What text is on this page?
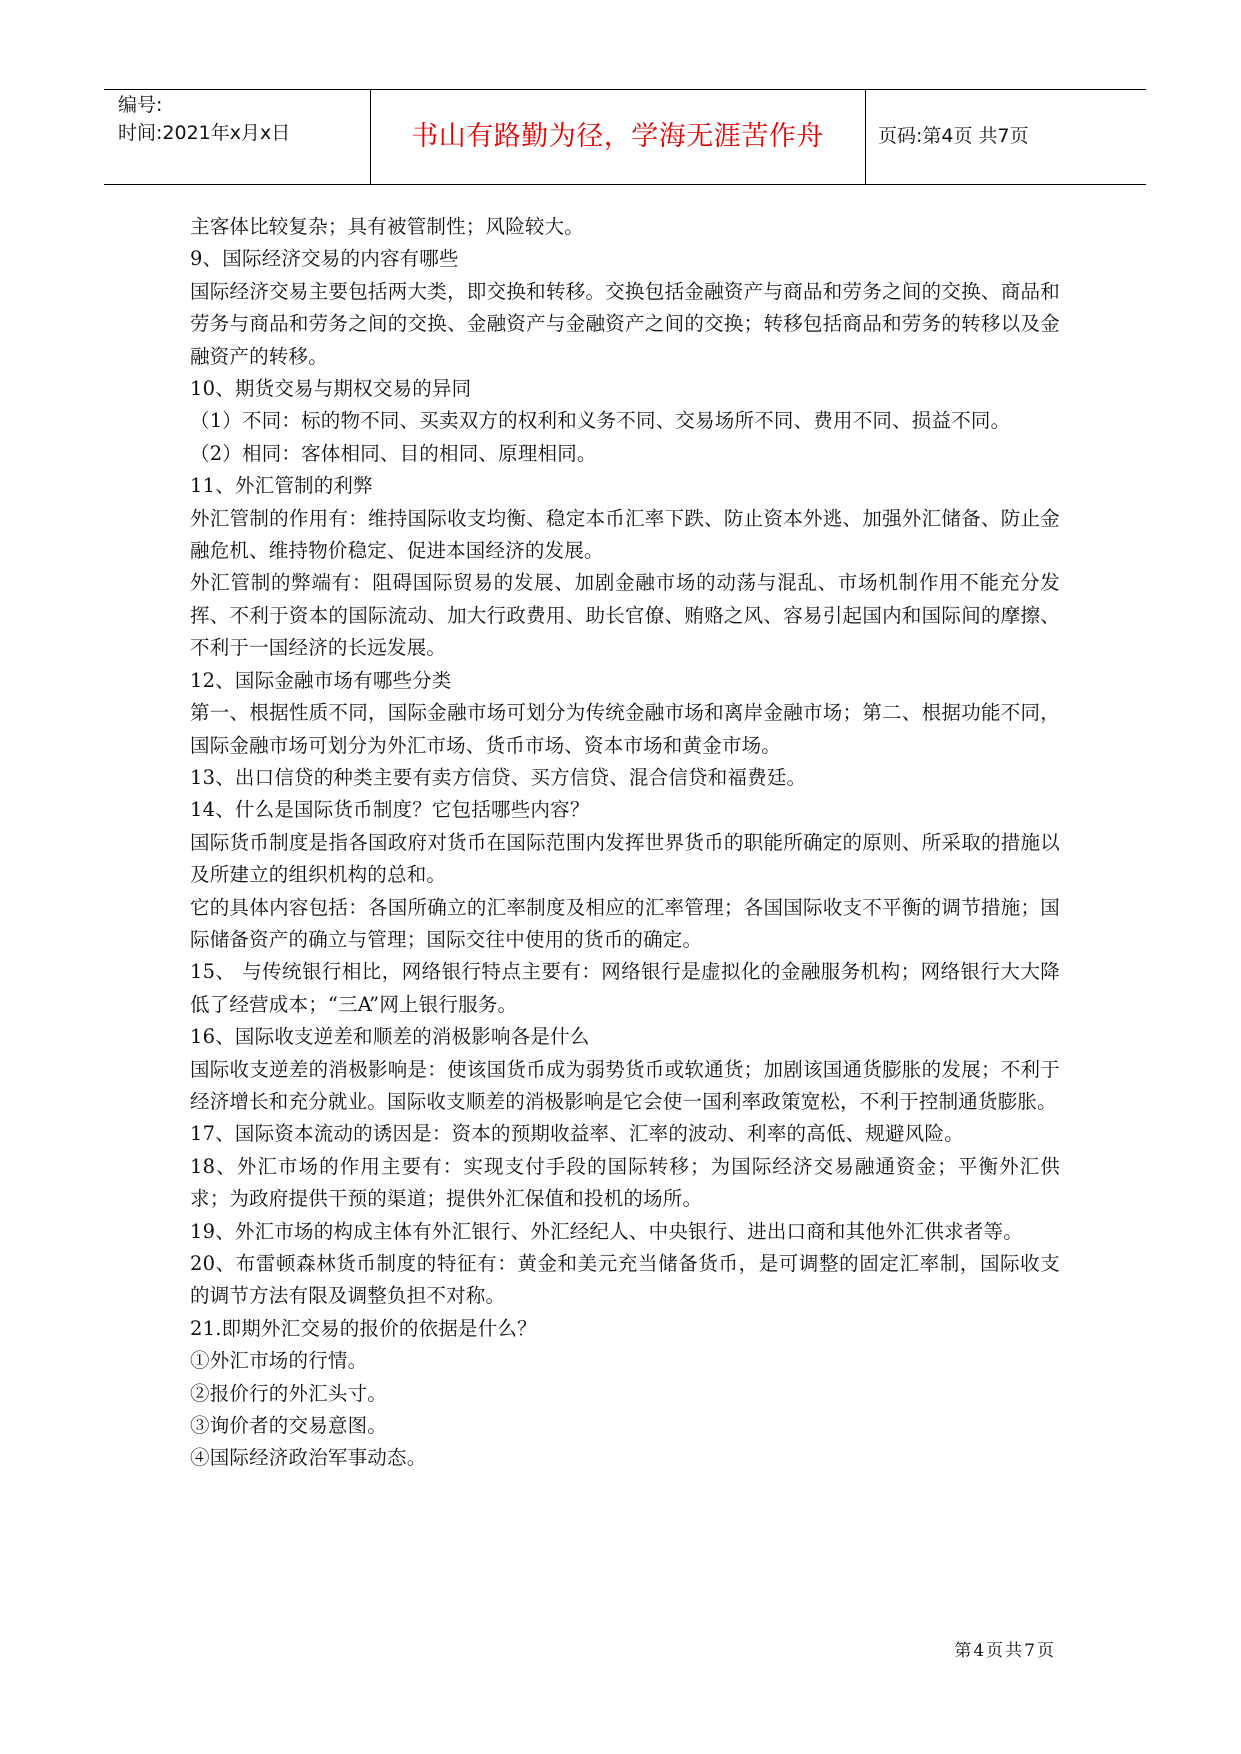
编号:
时间:2021年x月x日	书山有路勤为径，学海无涯苦作舟	页码:第4页 共7页

主客体比较复杂；具有被管制性；风险较大。

9、国际经济交易的内容有哪些

国际经济交易主要包括两大类，即交换和转移。交换包括金融资产与商品和劳务之间的交换、商品和劳务与商品和劳务之间的交换、金融资产与金融资产之间的交换；转移包括商品和劳务的转移以及金融资产的转移。

10、期货交易与期权交易的异同

（1）不同：标的物不同、买卖双方的权利和义务不同、交易场所不同、费用不同、损益不同。

（2）相同：客体相同、目的相同、原理相同。

11、外汇管制的利弊

外汇管制的作用有：维持国际收支均衡、稳定本币汇率下跌、防止资本外逃、加强外汇储备、防止金融危机、维持物价稳定、促进本国经济的发展。

外汇管制的弊端有：阻碍国际贸易的发展、加剧金融市场的动荡与混乱、市场机制作用不能充分发挥、不利于资本的国际流动、加大行政费用、助长官僚、贿赂之风、容易引起国内和国际间的摩擦、不利于一国经济的长远发展。

12、国际金融市场有哪些分类

第一、根据性质不同，国际金融市场可划分为传统金融市场和离岸金融市场；第二、根据功能不同，国际金融市场可划分为外汇市场、货币市场、资本市场和黄金市场。

13、出口信贷的种类主要有卖方信贷、买方信贷、混合信贷和福费廷。

14、什么是国际货币制度？它包括哪些内容？

国际货币制度是指各国政府对货币在国际范围内发挥世界货币的职能所确定的原则、所采取的措施以及所建立的组织机构的总和。

它的具体内容包括：各国所确立的汇率制度及相应的汇率管理；各国国际收支不平衡的调节措施；国际储备资产的确立与管理；国际交往中使用的货币的确定。

15、 与传统银行相比，网络银行特点主要有：网络银行是虚拟化的金融服务机构；网络银行大大降低了经营成本；“三A”网上银行服务。

16、国际收支逆差和顺差的消极影响各是什么

国际收支逆差的消极影响是：使该国货币成为弱势货币或软通货；加剧该国通货膨胀的发展；不利于经济增长和充分就业。国际收支顺差的消极影响是它会使一国利率政策宽松，不利于控制通货膨胀。

17、国际资本流动的诱因是：资本的预期收益率、汇率的波动、利率的高低、规避风险。

18、外汇市场的作用主要有：实现支付手段的国际转移；为国际经济交易融通资金；平衡外汇供求；为政府提供干预的渠道；提供外汇保值和投机的场所。

19、外汇市场的构成主体有外汇银行、外汇经纪人、中央银行、进出口商和其他外汇供求者等。

20、布雷顿森林货币制度的特征有：黄金和美元充当储备货币，是可调整的固定汇率制，国际收支的调节方法有限及调整负担不对称。

21.即期外汇交易的报价的依据是什么？

①外汇市场的行情。

②报价行的外汇头寸。

③询价者的交易意图。

④国际经济政治军事动态。

第4页共7页
